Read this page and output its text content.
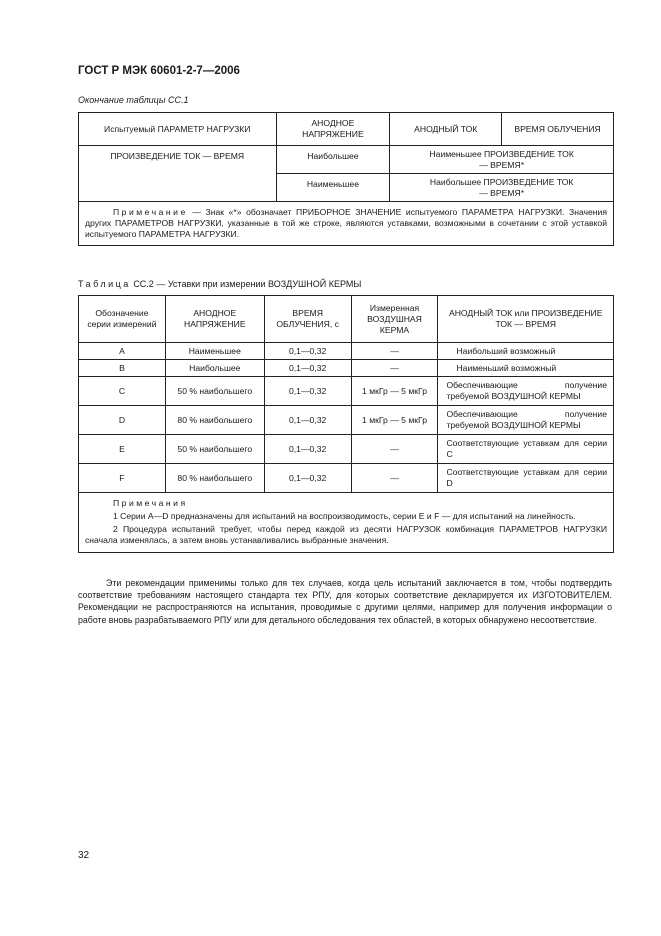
ГОСТ Р МЭК 60601-2-7—2006
Окончание таблицы СС.1
Испытуемый ПАРАМЕТР НАГРУЗКИ	АНОДНОЕ НАПРЯЖЕНИЕ	АНОДНЫЙ ТОК	ВРЕМЯ ОБЛУЧЕНИЯ
ПРОИЗВЕДЕНИЕ ТОК — ВРЕМЯ	Наибольшее	Наименьшее ПРОИЗВЕДЕНИЕ ТОК — ВРЕМЯ*	
	Наименьшее	Наибольшее ПРОИЗВЕДЕНИЕ ТОК — ВРЕМЯ*	
Примечание — Знак «*» обозначает ПРИБОРНОЕ ЗНАЧЕНИЕ испытуемого ПАРАМЕТРА НАГРУЗКИ. Значения других ПАРАМЕТРОВ НАГРУЗКИ, указанные в той же строке, являются уставками, возможными в сочетании с этой уставкой испытуемого ПАРАМЕТРА НАГРУЗКИ.			
Таблица СС.2 — Уставки при измерении ВОЗДУШНОЙ КЕРМЫ
Обозначение серии измерений	АНОДНОЕ НАПРЯЖЕНИЕ	ВРЕМЯ ОБЛУЧЕНИЯ, с	Измеренная ВОЗДУШНАЯ КЕРМА	АНОДНЫЙ ТОК или ПРОИЗВЕДЕНИЕ ТОК — ВРЕМЯ
A	Наименьшее	0,1—0,32	—	Наибольший возможный
B	Наибольшее	0,1—0,32	—	Наименьший возможный
C	50 % наибольшего	0,1—0,32	1 мкГр — 5 мкГр	Обеспечивающие получение требуемой ВОЗДУШНОЙ КЕРМЫ
D	80 % наибольшего	0,1—0,32	1 мкГр — 5 мкГр	Обеспечивающие получение требуемой ВОЗДУШНОЙ КЕРМЫ
E	50 % наибольшего	0,1—0,32	—	Соответствующие уставкам для серии C
F	80 % наибольшего	0,1—0,32	—	Соответствующие уставкам для серии D

Примечания
1 Серии A—D предназначены для испытаний на воспроизводимость, серии E и F — для испытаний на линейность.
2 Процедура испытаний требует, чтобы перед каждой из десяти НАГРУЗОК комбинация ПАРАМЕТРОВ НАГРУЗКИ сначала изменялась, а затем вновь устанавливались выбранные значения.				
Эти рекомендации применимы только для тех случаев, когда цель испытаний заключается в том, чтобы подтвердить соответствие требованиям настоящего стандарта тех РПУ, для которых соответствие декларируется их ИЗГОТОВИТЕЛЕМ. Рекомендации не распространяются на испытания, проводимые с другими целями, например для получения информации о работе вновь разрабатываемого РПУ или для детального обследования тех областей, в которых обнаружено несоответствие.
32
